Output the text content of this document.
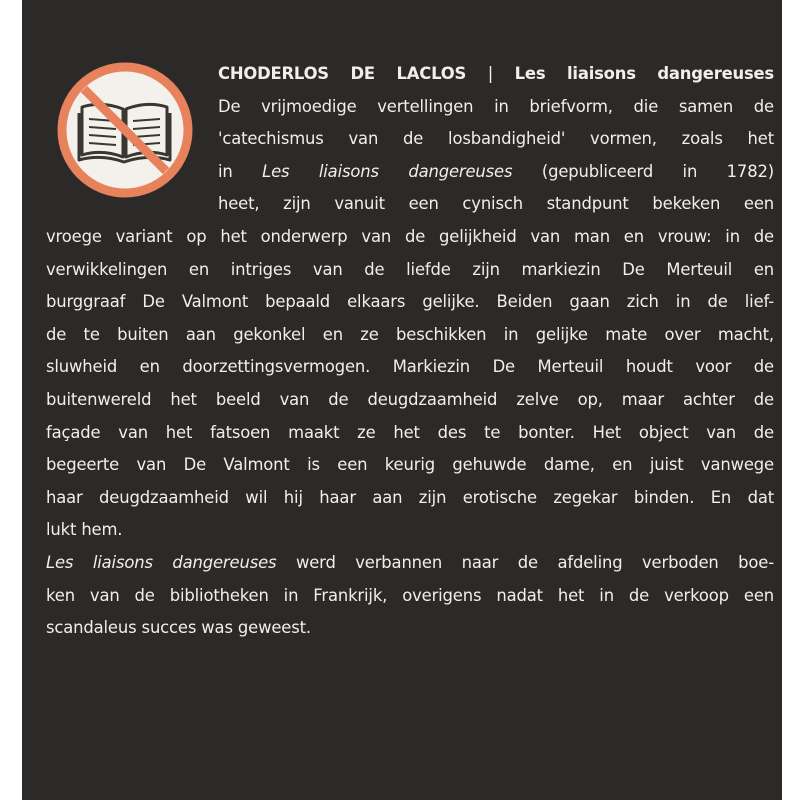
CHODERLOS DE LACLOS | Les liaisons dangereuses
De vrijmoedige vertellingen in briefvorm, die samen de
'catechismus van de losbandigheid' vormen, zoals het
in Les liaisons dangereuses (gepubliceerd in 1782)
heet, zijn vanuit een cynisch standpunt bekeken een
vroege variant op het onderwerp van de gelijkheid van man en vrouw: in de
verwikkelingen en intriges van de liefde zijn markiezin De Merteuil en
burggraaf De Valmont bepaald elkaars gelijke. Beiden gaan zich in de lief-
de te buiten aan gekonkel en ze beschikken in gelijke mate over macht,
sluwheid en doorzettingsvermogen. Markiezin De Merteuil houdt voor de
buitenwereld het beeld van de deugdzaamheid zelve op, maar achter de
façade van het fatsoen maakt ze het des te bonter. Het object van de
begeerte van De Valmont is een keurig gehuwde dame, en juist vanwege
haar deugdzaamheid wil hij haar aan zijn erotische zegekar binden. En dat
lukt hem.
Les liaisons dangereuses werd verbannen naar de afdeling verboden boe-
ken van de bibliotheken in Frankrijk, overigens nadat het in de verkoop een
scandaleus succes was geweest.
